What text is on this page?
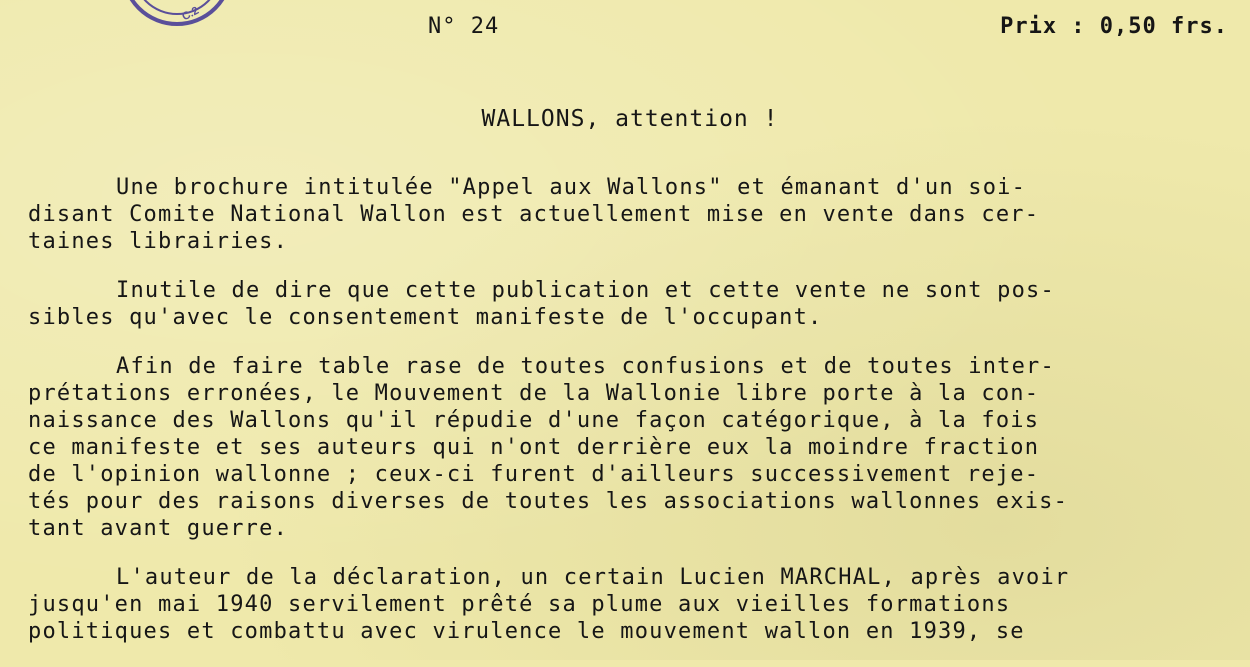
C.2
N° 24	Prix : 0,50 frs.
WALLONS, attention !
Une brochure intitulée "Appel aux Wallons" et émanant d'un soi-
disant Comite National Wallon est actuellement mise en vente dans cer-
taines librairies.
Inutile de dire que cette publication et cette vente ne sont pos-
sibles qu'avec le consentement manifeste de l'occupant.
Afin de faire table rase de toutes confusions et de toutes inter-
prétations erronées, le Mouvement de la Wallonie libre porte à la con-
naissance des Wallons qu'il répudie d'une façon catégorique, à la fois
ce manifeste et ses auteurs qui n'ont derrière eux la moindre fraction
de l'opinion wallonne ; ceux-ci furent d'ailleurs successivement reje-
tés pour des raisons diverses de toutes les associations wallonnes exis-
tant avant guerre.
L'auteur de la déclaration, un certain Lucien MARCHAL, après avoir
jusqu'en mai 1940 servilement prêté sa plume aux vieilles formations
politiques et combattu avec virulence le mouvement wallon en 1939, se
